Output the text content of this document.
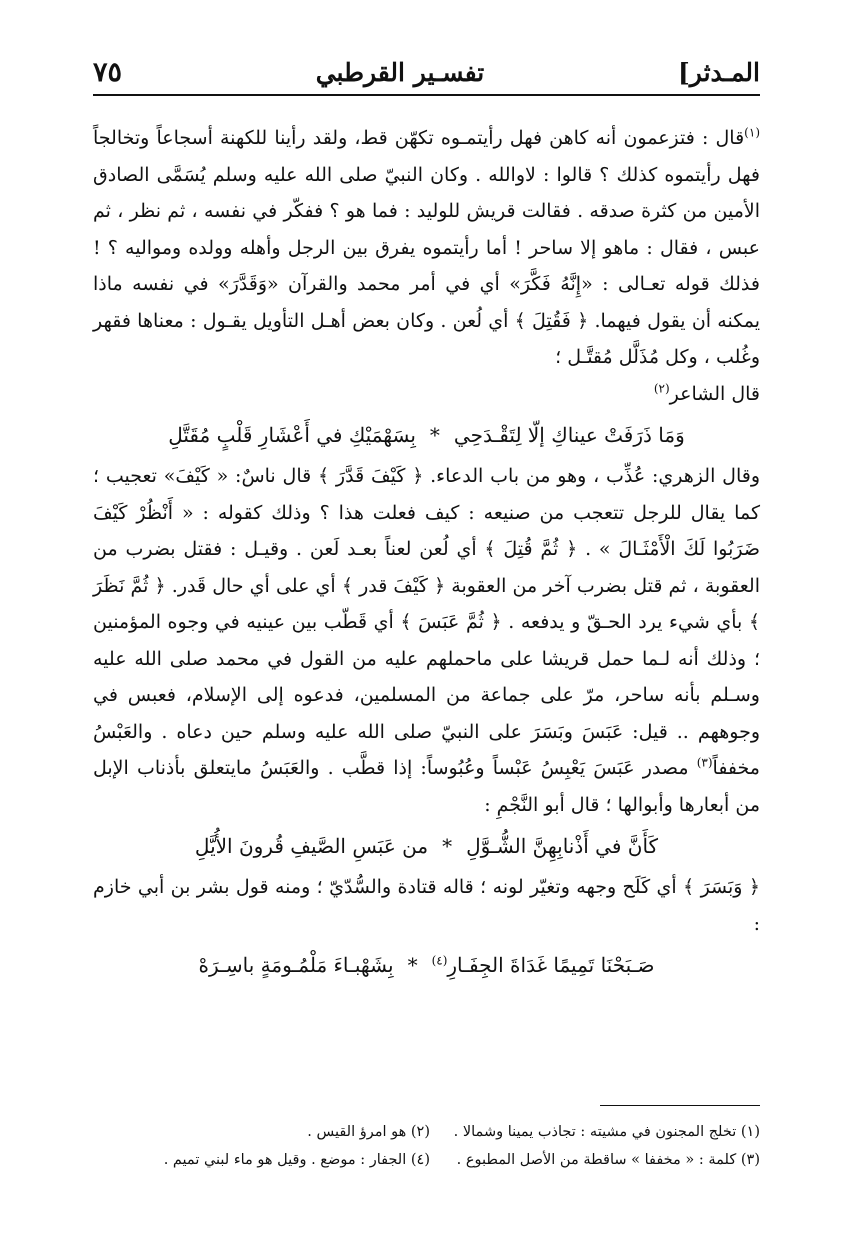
المـدثر]
تفسـير القرطبي
٧٥

$^{(١)}$قال : فتزعمون أنه كاهن فهل رأيتمـوه تكهّن قط، ولقد رأينا للكهنة أسجاعاً وتخالجاً فهل رأيتموه كذلك ؟ قالوا : لاوالله . وكان النبيّ صلى الله عليه وسلم يُسَمَّى الصادق الأمين من كثرة صدقه . فقالت قريش للوليد : فما هو ؟ ففكّر في نفسه ، ثم نظر ، ثم عبس ، فقال : ماهو إلا ساحر ! أما رأيتموه يفرق بين الرجل وأهله وولده ومواليه ؟ ! فذلك قوله تعـالى : «إِنَّهُ فَكَّرَ» أي في أمر محمد والقرآن «وَقَدَّرَ» في نفسه ماذا يمكنه أن يقول فيهما. ﴿ فَقُتِلَ ﴾ أي لُعن . وكان بعض أهـل التأويل يقـول : معناها فقهر وغُلب ، وكل مُذَلَّل مُقتَّـل ؛

قال الشاعر$^{(٢)}$

وَمَا ذَرَفَتْ عيناكِ إلّا لِتَقْـدَحِي*بِسَهْمَيْكِ في أَعْشَارِ قَلْبٍ مُقَتَّلِ

وقال الزهري: عُذِّب ، وهو من باب الدعاء. ﴿ كَيْفَ قَدَّرَ ﴾ قال ناسٌ: « كَيْفَ» تعجيب ؛ كما يقال للرجل تتعجب من صنيعه : كيف فعلت هذا ؟ وذلك كقوله : « أَنْظُرْ كَيْفَ ضَرَبُوا لَكَ الْأَمْثَـالَ » . ﴿ ثُمَّ قُتِلَ ﴾ أي لُعن لعناً بعـد لَعن . وقيـل : فقتل بضرب من العقوبة ، ثم قتل بضرب آخر من العقوبة ﴿ كَيْفَ قدر ﴾ أي على أي حال قَدر. ﴿ ثُمَّ نَظَرَ ﴾ بأي شيء يرد الحـقّ و يدفعه . ﴿ ثُمَّ عَبَسَ ﴾ أي قَطّب بين عينيه في وجوه المؤمنين ؛ وذلك أنه لـما حمل قريشا على ماحملهم عليه من القول في محمد صلى الله عليه وسـلم بأنه ساحر، مرّ على جماعة من المسلمين، فدعوه إلى الإسلام، فعبس في وجوههم .. قيل: عَبَسَ وبَسَرَ على النبيّ صلى الله عليه وسلم حين دعاه . والعَبْسُ مخففاً$^{(٣)}$ مصدر عَبَسَ يَعْبِسُ عَبْساً وعُبُوساً: إذا قطَّب . والعَبَسُ مايتعلق بأذناب الإبل من أبعارها وأبوالها ؛ قال أبو النَّجْمِ :

كَأَنَّ في أَذْنابِهِنَّ الشُّـوَّلِ*من عَبَسِ الصَّيفِ قُرونَ الأُيَّلِ

﴿ وَبَسَرَ ﴾ أي كَلَح وجهه وتغيّر لونه ؛ قاله قتادة والسُّدّيّ ؛ ومنه قول بشر بن أبي خازم :

صَـبَحْنَا تَمِيمًا غَدَاةَ الجِفَـارِ$^{(٤)}$*بِشَهْبـاءَ مَلْمُـومَةٍ باسِـرَهْ

(١) تخلج المجنون في مشيته : تجاذب يمينا وشمالا .
(٢) هو امرؤ القيس .
(٣) كلمة : « مخففا » ساقطة من الأصل المطبوع .
(٤) الجفار : موضع . وقيل هو ماء لبني تميم .
